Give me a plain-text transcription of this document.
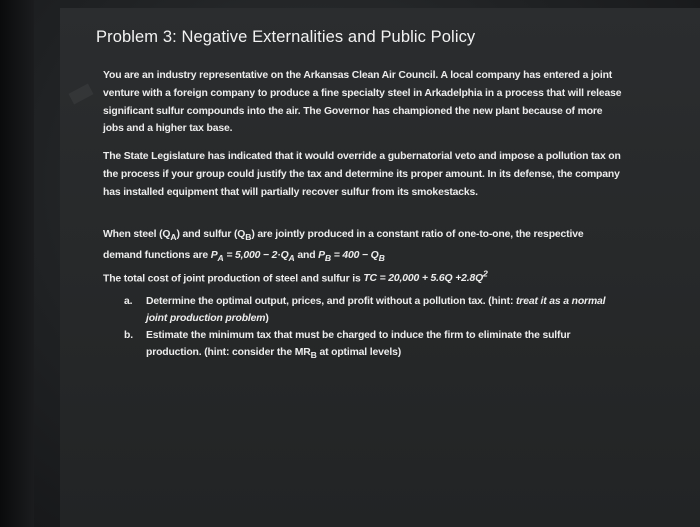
Problem 3: Negative Externalities and Public Policy
You are an industry representative on the Arkansas Clean Air Council. A local company has entered a joint venture with a foreign company to produce a fine specialty steel in Arkadelphia in a process that will release significant sulfur compounds into the air. The Governor has championed the new plant because of more jobs and a higher tax base.
The State Legislature has indicated that it would override a gubernatorial veto and impose a pollution tax on the process if your group could justify the tax and determine its proper amount. In its defense, the company has installed equipment that will partially recover sulfur from its smokestacks.
When steel $(Q_A)$ and sulfur $(Q_B)$ are jointly produced in a constant ratio of one-to-one, the respective demand functions are $P_A = 5,000 - 2\cdot Q_A$ and $P_B = 400 - Q_B$
The total cost of joint production of steel and sulfur is TC = $20,000 + 5.6Q +2.8Q^2$
a. Determine the optimal output, prices, and profit without a pollution tax. (hint: treat it as a normal joint production problem)
b. Estimate the minimum tax that must be charged to induce the firm to eliminate the sulfur production. (hint: consider the $MR_B$ at optimal levels)
